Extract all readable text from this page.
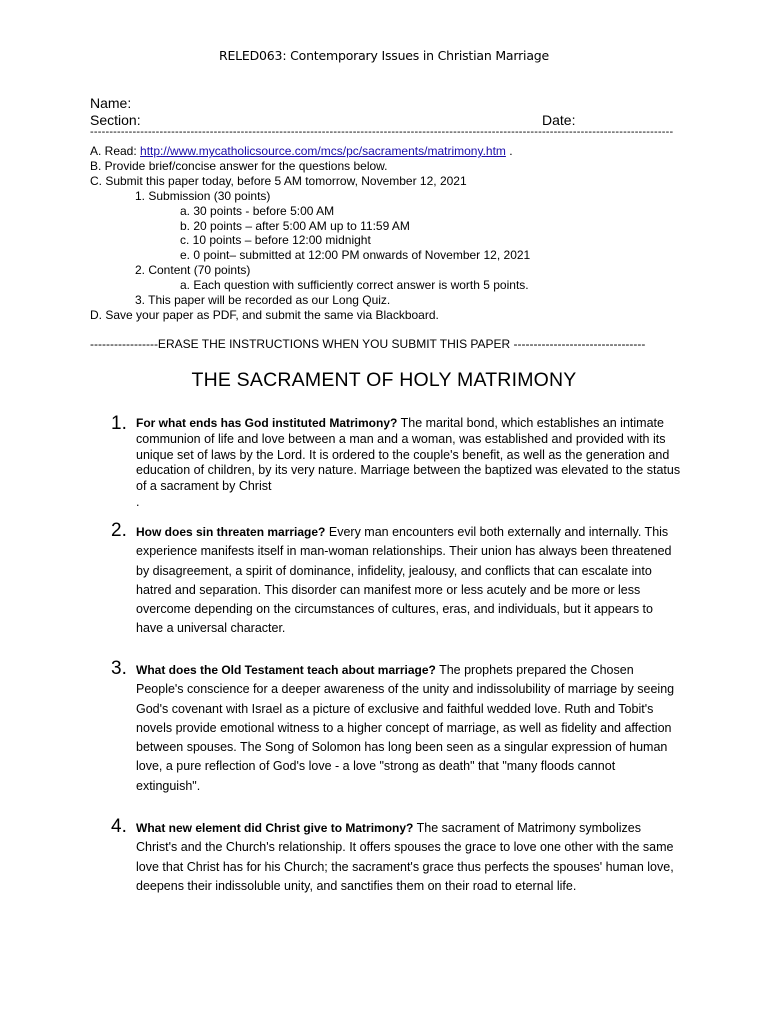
RELED063: Contemporary Issues in Christian Marriage
Name:
Section:	Date:
-------------------------------------------------------------------------------------------------------------------------------------------------------
A. Read: http://www.mycatholicsource.com/mcs/pc/sacraments/matrimony.htm .
B. Provide brief/concise answer for the questions below.
C. Submit this paper today, before 5 AM tomorrow, November 12, 2021
1. Submission (30 points)
a. 30 points - before 5:00 AM
b. 20 points – after 5:00 AM up to 11:59 AM
c. 10 points – before 12:00 midnight
e. 0 point– submitted at 12:00 PM onwards of November 12, 2021
2. Content (70 points)
a. Each question with sufficiently correct answer is worth 5 points.
3. This paper will be recorded as our Long Quiz.
D. Save your paper as PDF, and submit the same via Blackboard.
-----------------ERASE THE INSTRUCTIONS WHEN YOU SUBMIT THIS PAPER ---------------------------------
THE SACRAMENT OF HOLY MATRIMONY
1. For what ends has God instituted Matrimony? The marital bond, which establishes an intimate communion of life and love between a man and a woman, was established and provided with its unique set of laws by the Lord. It is ordered to the couple's benefit, as well as the generation and education of children, by its very nature. Marriage between the baptized was elevated to the status of a sacrament by Christ
.
2. How does sin threaten marriage? Every man encounters evil both externally and internally. This experience manifests itself in man-woman relationships. Their union has always been threatened by disagreement, a spirit of dominance, infidelity, jealousy, and conflicts that can escalate into hatred and separation. This disorder can manifest more or less acutely and be more or less overcome depending on the circumstances of cultures, eras, and individuals, but it appears to have a universal character.
3. What does the Old Testament teach about marriage? The prophets prepared the Chosen People's conscience for a deeper awareness of the unity and indissolubility of marriage by seeing God's covenant with Israel as a picture of exclusive and faithful wedded love. Ruth and Tobit's novels provide emotional witness to a higher concept of marriage, as well as fidelity and affection between spouses. The Song of Solomon has long been seen as a singular expression of human love, a pure reflection of God's love - a love "strong as death" that "many floods cannot extinguish".
4. What new element did Christ give to Matrimony? The sacrament of Matrimony symbolizes Christ's and the Church's relationship. It offers spouses the grace to love one other with the same love that Christ has for his Church; the sacrament's grace thus perfects the spouses' human love, deepens their indissoluble unity, and sanctifies them on their road to eternal life.
